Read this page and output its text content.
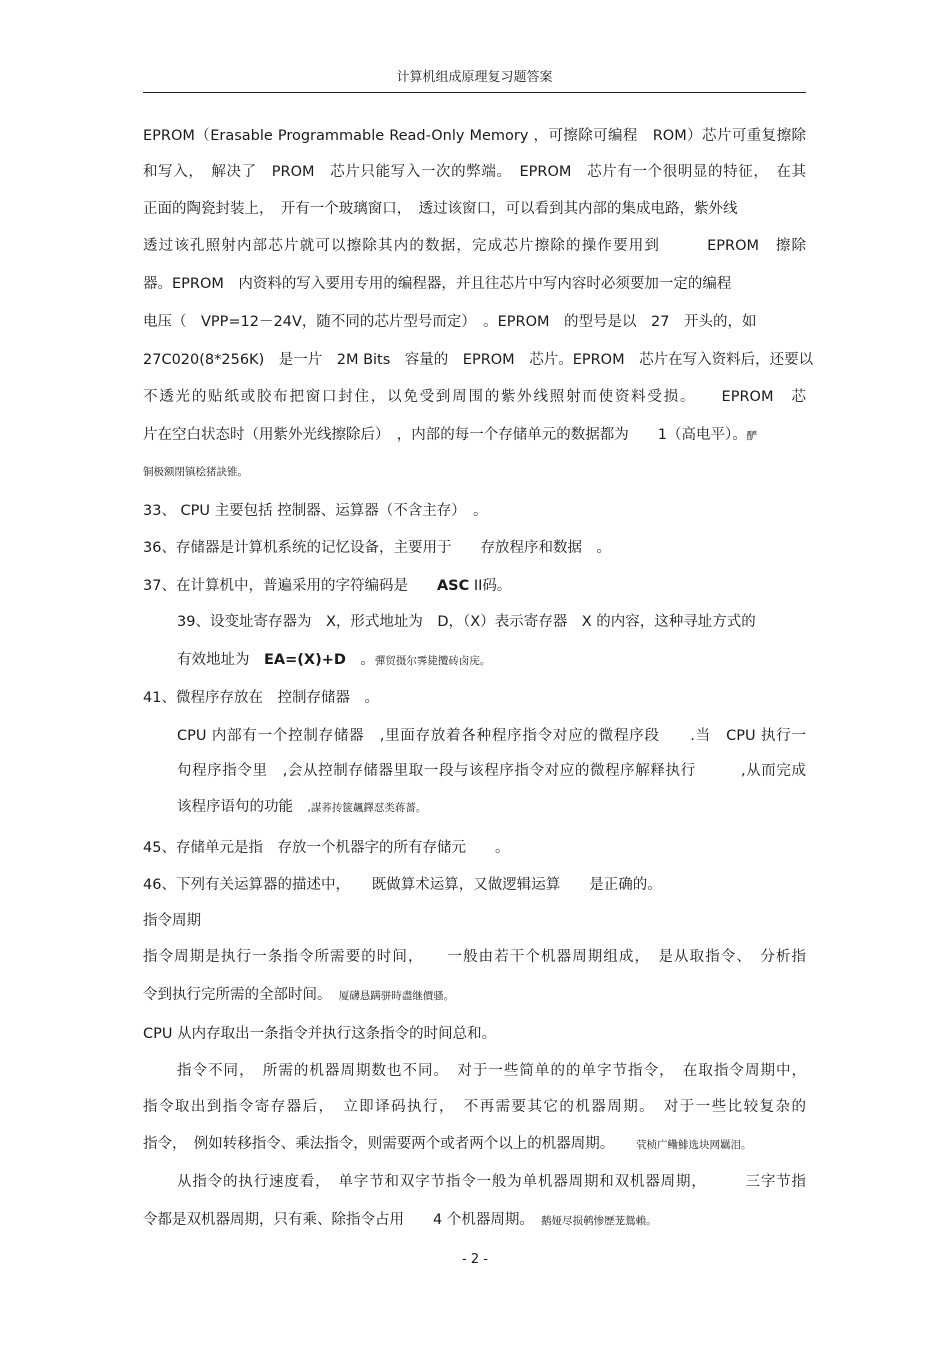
计算机组成原理复习题答案
EPROM（Erasable Programmable Read-Only Memory ，可擦除可编程　ROM）芯片可重复擦除
和写入，　解决了　PROM　芯片只能写入一次的弊端。　EPROM　芯片有一个很明显的特征，　在其
正面的陶瓷封装上，　开有一个玻璃窗口，　透过该窗口，可以看到其内部的集成电路，紫外线
透过该孔照射内部芯片就可以擦除其内的数据，完成芯片擦除的操作要用到　　　EPROM　擦除
器。EPROM　内资料的写入要用专用的编程器，并且往芯片中写内容时必须要加一定的编程
电压（　VPP=12－24V，随不同的芯片型号而定）　。EPROM　的型号是以　27　开头的，如
27C020(8*256K)　是一片　2M Bits　容量的　EPROM　芯片。EPROM　芯片在写入资料后，还要以
不透光的贴纸或胶布把窗口封住，以免受到周围的紫外线照射而使资料受损。　　EPROM　芯
片在空白状态时（用紫外光线擦除后）　，内部的每一个存储单元的数据都为　　1（高电平）。酽
铜极额閉镇桧猪訣锥。
33、 CPU 主要包括 控制器、运算器（不含主存）　。
36、存储器是计算机系统的记忆设备，主要用于　　存放程序和数据　。
37、在计算机中，普遍采用的字符编码是　　ASC II码。
39、设变址寄存器为　X，形式地址为　D，（X）表示寄存器　X 的内容，这种寻址方式的
有效地址为　EA=(X)+D　。彈贸摄尔霁毙攬砖卤庑。
41、微程序存放在　控制存储器　。
CPU 内部有一个控制存储器　,里面存放着各种程序指令对应的微程序段　　.当　CPU 执行一
句程序指令里　,会从控制存储器里取一段与该程序指令对应的微程序解释执行　　　,从而完成
该程序语句的功能　,謀荞抟箧飆鐸怼类蒋薔。
45、存储单元是指　存放一个机器字的所有存储元　　。
46、下列有关运算器的描述中，　　既做算术运算，又做逻辑运算　　是正确的。
指令周期
指令周期是执行一条指令所需要的时间，　　一般由若干个机器周期组成，　是从取指令、　分析指
令到执行完所需的全部时间。　厦礴恳蹒骈時盡继價骚。
CPU 从内存取出一条指令并执行这条指令的时间总和。
指令不同，　所需的机器周期数也不同。　对于一些简单的的单字节指令，　在取指令周期中，
指令取出到指令寄存器后，　立即译码执行，　不再需要其它的机器周期。　对于一些比较复杂的
指令，　例如转移指令、乘法指令，则需要两个或者两个以上的机器周期。　　茕桢广鳓鯡选块网羈泪。
从指令的执行速度看，　单字节和双字节指令一般为单机器周期和双机器周期，　　　三字节指
令都是双机器周期，只有乘、除指令占用　　4 个机器周期。　鹅娅尽损鹌惨歷茏鴛賴。
- 2 -
